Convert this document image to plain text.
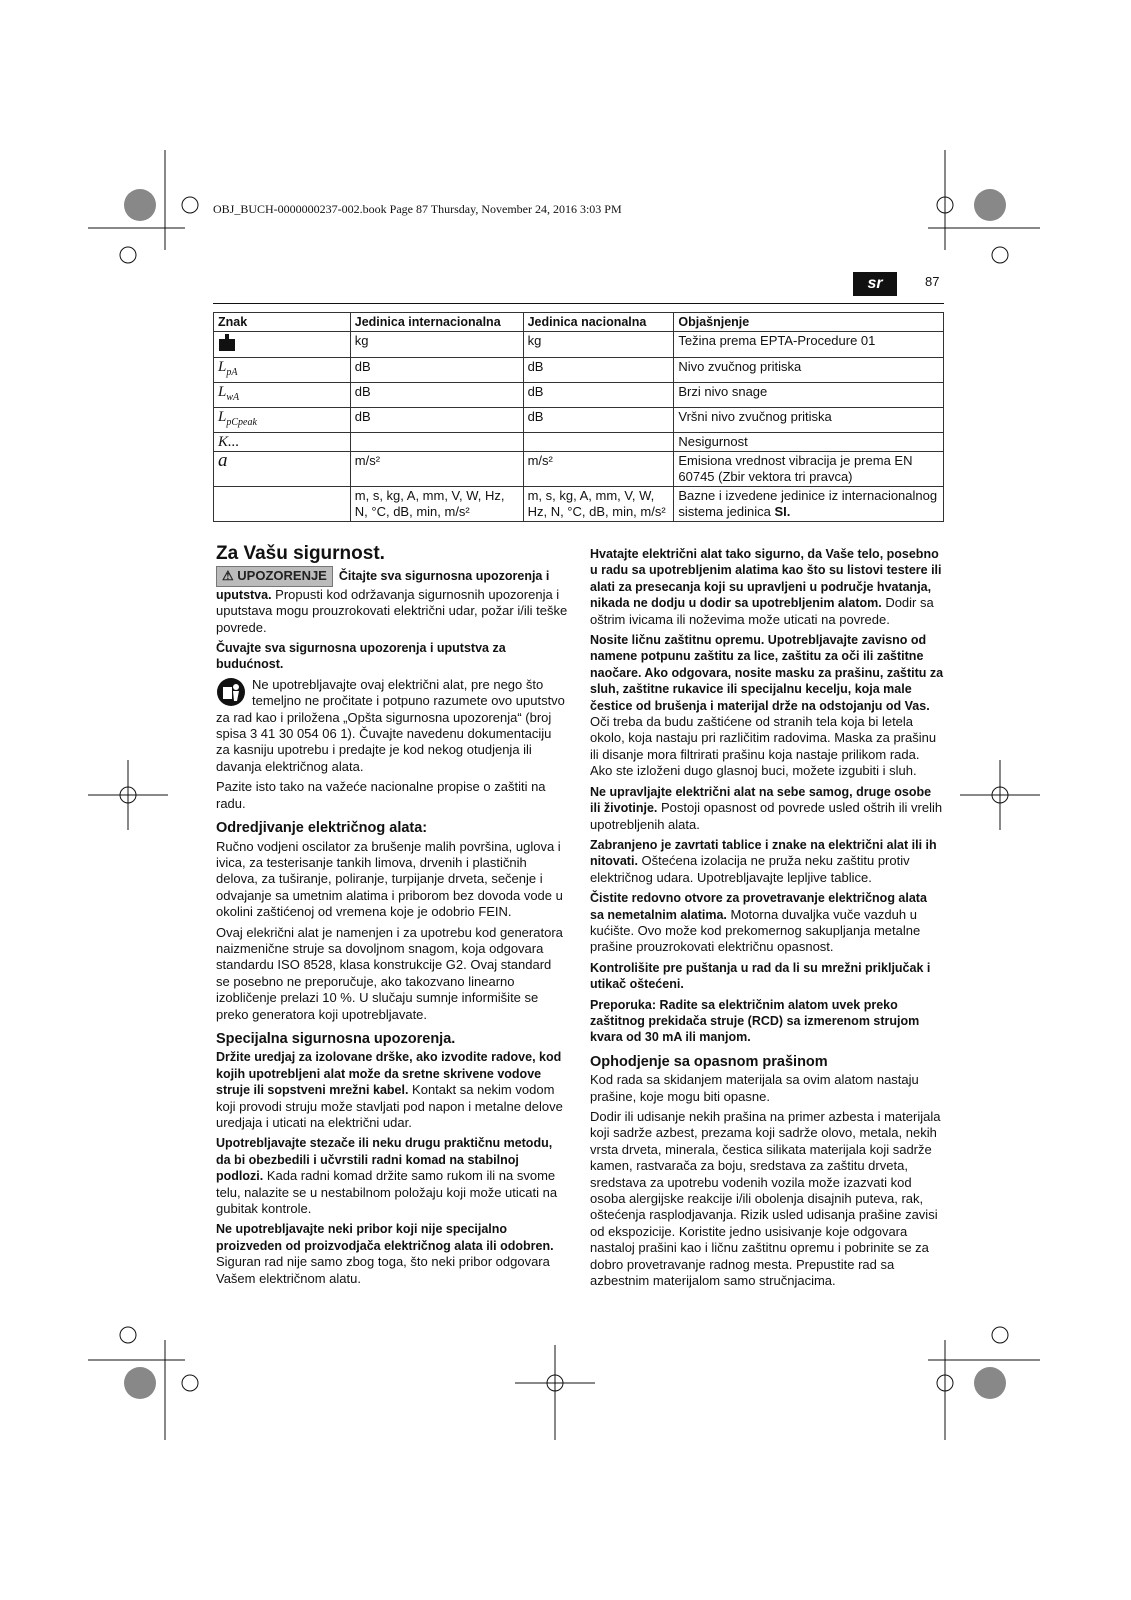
OBJ_BUCH-0000000237-002.book Page 87 Thursday, November 24, 2016 3:03 PM
sr	87
Znak	Jedinica internacionalna	Jedinica nacionalna	Objašnjenje
	kg	kg	Težina prema EPTA-Procedure 01
$L_{pA}$	dB	dB	Nivo zvučnog pritiska
$L_{wA}$	dB	dB	Brzi nivo snage
$L_{pCpeak}$	dB	dB	Vršni nivo zvučnog pritiska
K...			Nesigurnost
a	m/s²	m/s²	Emisiona vrednost vibracija je prema EN 60745 (Zbir vektora tri pravca)
	m, s, kg, A, mm, V, W, Hz, N, °C, dB, min, m/s²	m, s, kg, A, mm, V, W, Hz, N, °C, dB, min, m/s²	Bazne i izvedene jedinice iz internacionalnog sistema jedinica SI.
Za Vašu sigurnost.

⚠ UPOZORENJE Čitajte sva sigurnosna upozorenja i uputstva. Propusti kod održavanja sigurnosnih upozorenja i uputstava mogu prouzrokovati električni udar, požar i/ili teške povrede.

Čuvajte sva sigurnosna upozorenja i uputstva za budućnost.

Ne upotrebljavajte ovaj električni alat, pre nego što temeljno ne pročitate i potpuno razumete ovo uputstvo za rad kao i priložena „Opšta sigurnosna upozorenja“ (broj spisa 3 41 30 054 06 1). Čuvajte navedenu dokumentaciju za kasniju upotrebu i predajte je kod nekog otudjenja ili davanja električnog alata.

Pazite isto tako na važeće nacionalne propise o zaštiti na radu.

Odredjivanje električnog alata:

Ručno vodjeni oscilator za brušenje malih površina, uglova i ivica, za testerisanje tankih limova, drvenih i plastičnih delova, za tuširanje, poliranje, turpijanje drveta, sečenje i odvajanje sa umetnim alatima i priborom bez dovoda vode u okolini zaštićenoj od vremena koje je odobrio FEIN.

Ovaj elekrični alat je namenjen i za upotrebu kod generatora naizmenične struje sa dovoljnom snagom, koja odgovara standardu ISO 8528, klasa konstrukcije G2. Ovaj standard se posebno ne preporučuje, ako takozvano linearno izobličenje prelazi 10 %. U slučaju sumnje informišite se preko generatora koji upotrebljavate.

Specijalna sigurnosna upozorenja.

Držite uredjaj za izolovane drške, ako izvodite radove, kod kojih upotrebljeni alat može da sretne skrivene vodove struje ili sopstveni mrežni kabel. Kontakt sa nekim vodom koji provodi struju može stavljati pod napon i metalne delove uredjaja i uticati na električni udar.

Upotrebljavajte stezače ili neku drugu praktičnu metodu, da bi obezbedili i učvrstili radni komad na stabilnoj podlozi. Kada radni komad držite samo rukom ili na svome telu, nalazite se u nestabilnom položaju koji može uticati na gubitak kontrole.

Ne upotrebljavajte neki pribor koji nije specijalno proizveden od proizvodjača električnog alata ili odobren. Siguran rad nije samo zbog toga, što neki pribor odgovara Vašem električnom alatu.

Hvatajte električni alat tako sigurno, da Vaše telo, posebno u radu sa upotrebljenim alatima kao što su listovi testere ili alati za presecanja koji su upravljeni u područje hvatanja, nikada ne dodju u dodir sa upotrebljenim alatom. Dodir sa oštrim ivicama ili noževima može uticati na povrede.

Nosite ličnu zaštitnu opremu. Upotrebljavajte zavisno od namene potpunu zaštitu za lice, zaštitu za oči ili zaštitne naočare. Ako odgovara, nosite masku za prašinu, zaštitu za sluh, zaštitne rukavice ili specijalnu kecelju, koja male čestice od brušenja i materijal drže na odstojanju od Vas. Oči treba da budu zaštićene od stranih tela koja bi letela okolo, koja nastaju pri različitim radovima. Maska za prašinu ili disanje mora filtrirati prašinu koja nastaje prilikom rada. Ako ste izloženi dugo glasnoj buci, možete izgubiti i sluh.

Ne upravljajte električni alat na sebe samog, druge osobe ili životinje. Postoji opasnost od povrede usled oštrih ili vrelih upotrebljenih alata.

Zabranjeno je zavrtati tablice i znake na električni alat ili ih nitovati. Oštećena izolacija ne pruža neku zaštitu protiv električnog udara. Upotrebljavajte lepljive tablice.

Čistite redovno otvore za provetravanje električnog alata sa nemetalnim alatima. Motorna duvaljka vuče vazduh u kućište. Ovo može kod prekomernog sakupljanja metalne prašine prouzrokovati električnu opasnost.

Kontrolišite pre puštanja u rad da li su mrežni priključak i utikač oštećeni.

Preporuka: Radite sa električnim alatom uvek preko zaštitnog prekidača struje (RCD) sa izmerenom strujom kvara od 30 mA ili manjom.

Ophodjenje sa opasnom prašinom

Kod rada sa skidanjem materijala sa ovim alatom nastaju prašine, koje mogu biti opasne.

Dodir ili udisanje nekih prašina na primer azbesta i materijala koji sadrže azbest, prezama koji sadrže olovo, metala, nekih vrsta drveta, minerala, čestica silikata materijala koji sadrže kamen, rastvarača za boju, sredstava za zaštitu drveta, sredstava za upotrebu vodenih vozila može izazvati kod osoba alergijske reakcije i/ili obolenja disajnih puteva, rak, oštećenja rasplodjavanja. Rizik usled udisanja prašine zavisi od ekspozicije. Koristite jedno usisivanje koje odgovara nastaloj prašini kao i ličnu zaštitnu opremu i pobrinite se za dobro provetravanje radnog mesta. Prepustite rad sa azbestnim materijalom samo stručnjacima.
